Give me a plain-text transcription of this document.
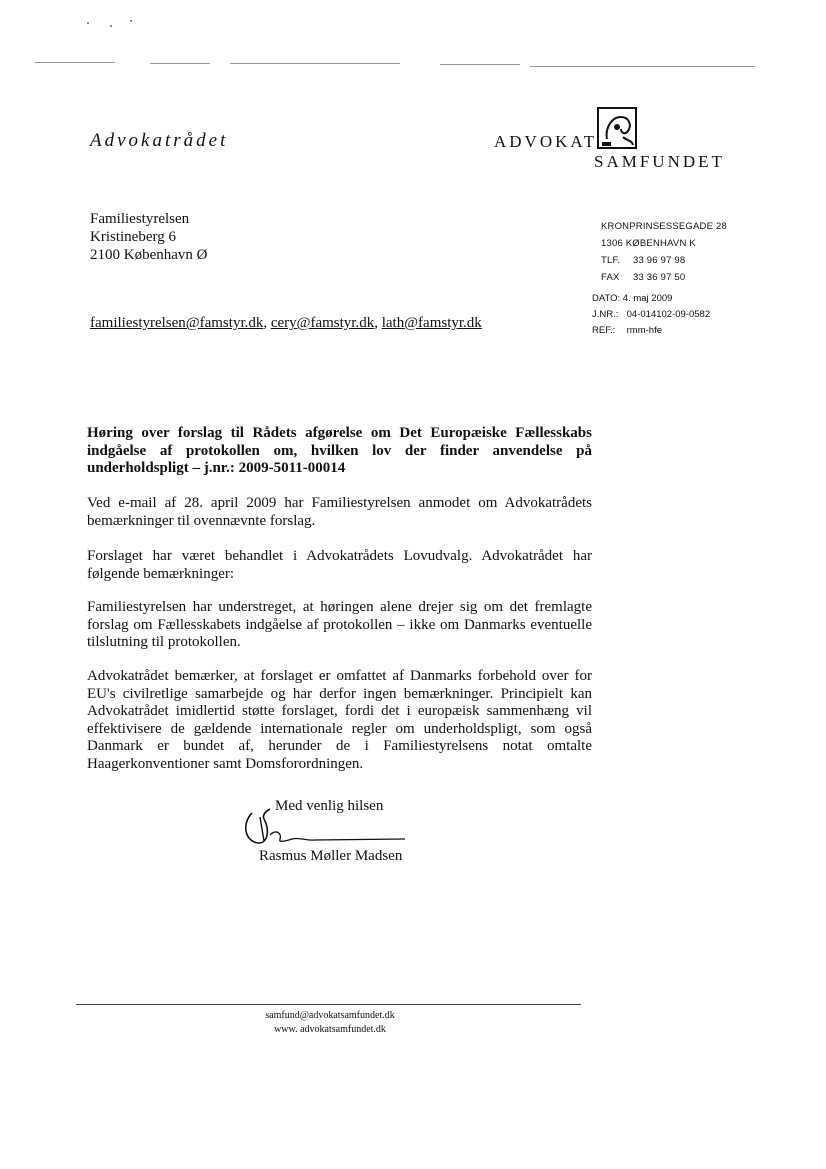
Advokatrådet	ADVOKAT
SAMFUNDET
Familiestyrelsen
Kristineberg 6
2100 København Ø
familiestyrelsen@famstyr.dk, cery@famstyr.dk, lath@famstyr.dk
KRONPRINSESSEGADE 28
1306 KØBENHAVN K
TLF. 33 96 97 98
FAX 33 36 97 50
DATO: 4. maj 2009
J.NR.: 04-014102-09-0582
REF.: rmm-hfe
Høring over forslag til Rådets afgørelse om Det Europæiske Fællesskabs indgåelse af protokollen om, hvilken lov der finder anvendelse på underholdspligt – j.nr.: 2009-5011-00014
Ved e-mail af 28. april 2009 har Familiestyrelsen anmodet om Advokatrådets bemærkninger til ovennævnte forslag.
Forslaget har været behandlet i Advokatrådets Lovudvalg. Advokatrådet har følgende bemærkninger:
Familiestyrelsen har understreget, at høringen alene drejer sig om det fremlagte forslag om Fællesskabets indgåelse af protokollen – ikke om Danmarks eventuelle tilslutning til protokollen.
Advokatrådet bemærker, at forslaget er omfattet af Danmarks forbehold over for EU's civilretlige samarbejde og har derfor ingen bemærkninger. Principielt kan Advokatrådet imidlertid støtte forslaget, fordi det i europæisk sammenhæng vil effektivisere de gældende internationale regler om underholdspligt, som også Danmark er bundet af, herunder de i Familiestyrelsens notat omtalte Haagerkonventioner samt Domsforordningen.
Med venlig hilsen
Rasmus Møller Madsen
samfund@advokatsamfundet.dk
www. advokatsamfundet.dk
